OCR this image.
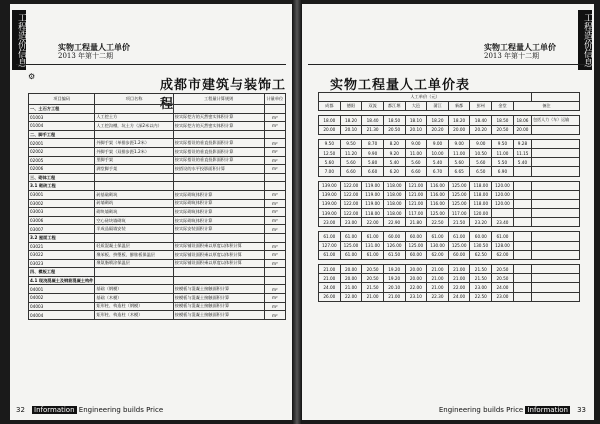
工程造价信息	实物工程量人工单价
2013 年第十二期
⚙
成都市建筑与装饰工程
项目编码	项目名称	工程量计算规则	计量单位
一、土石方工程			
01003	人工挖土方	按实际挖方的天然密实体积计算	m³
01004	人工挖沟槽，坑土方（深2米以内）	按实际挖方的天然密实体积计算	m³
二、脚手工程			
02001	外脚手架（单排步距1.2米）	按实际搭设的垂直投影面积计算	m²
02002	外脚手架（双排步距1.2米）	按实际搭设的垂直投影面积计算	m²
02005	里脚手架	按实际搭设的垂直投影面积计算	m²
02006	满堂脚手架	按搭设的水平投影面积计算	m²
三、砌体工程			
3.1 砌砖工程			
03001	砖基础砌筑	按实际砌筑体积计算	m³
03002	砖墙砌筑	按实际砌筑体积计算	m³
03003	砌块墙砌筑	按实际砌筑体积计算	m³
03006	空心砖块墙砌筑	按实际砌筑体积计算	m³
03007	半成品隔墙安装	按实际安装面积计算	m²
3.2 屋面工程			
03021	轻质混凝土保温层	按实际铺设面积乘以厚度以体积计算	m³
03022	聚苯板、挤塑板、膨胀板保温层	按实际铺设面积乘以厚度以体积计算	m³
03023	聚氨脂喷涂保温层	按实际铺设面积乘以厚度以体积计算	m³
四、模板工程			
4.1 现浇混凝土及钢筋混凝土构件			
04001	基础（钢模）	按模板与混凝土接触面积计算	m²
04002	基础（木模）	按模板与混凝土接触面积计算	m²
04003	矩形柱、构造柱（钢模）	按模板与混凝土接触面积计算	m²
04004	矩形柱、构造柱（木模）	按模板与混凝土接触面积计算	m²
32 Information Engineering builds Price
工程造价信息
实物工程量人工单价
2013 年第十二期
实物工程量人工单价表
人工单价（元）										
成都	德阳	双流	都江堰	大邑	蒲江	新都	彭州	金堂	备注	

18.00	18.20	18.40	18.50	18.10	18.20	18.20	18.40	18.50	18.06	包括人力（车）运输
20.00	20.10	21.30	20.50	20.10	20.20	20.00	20.20	20.50	20.00	

9.50	9.50	8.70	8.20	9.00	9.00	9.00	9.00	9.50	9.28	
12.50	11.20	9.90	9.20	11.00	10.00	11.00	10.50	11.00	11.15	
5.60	5.60	5.80	5.40	5.60	5.40	5.60	5.60	5.50	5.40	
7.00	6.60	6.60	6.20	6.60	6.70	6.65	6.50	6.90		

139.00	122.00	119.00	118.00	121.00	116.00	125.00	118.00	120.00		
139.00	122.00	119.00	118.00	121.00	116.00	125.00	118.00	120.00		
139.00	122.00	119.00	118.00	121.00	116.00	125.00	118.00	120.00		
139.00	122.00	118.00	118.00	117.00	125.00	117.00	120.00			
23.00	23.00	22.00	22.90	21.80	22.50	21.50	23.20	23.40		

61.00	61.00	61.00	60.00	60.00	61.00	61.00	60.00	61.00		
127.00	125.00	131.00	126.00	125.00	130.00	125.00	130.50	128.00		
61.00	61.00	61.00	61.50	60.00	62.00	60.00	62.50	62.00		

21.00	20.00	20.50	19.20	20.00	21.00	21.00	21.50	20.50		
21.00	20.00	20.50	19.20	20.00	21.00	21.00	21.50	20.50		
24.00	21.00	21.50	20.10	22.00	21.00	22.00	23.00	24.00		
26.00	22.00	21.00	21.00	23.10	22.30	24.00	22.50	23.00		
33
Engineering builds Price Information
